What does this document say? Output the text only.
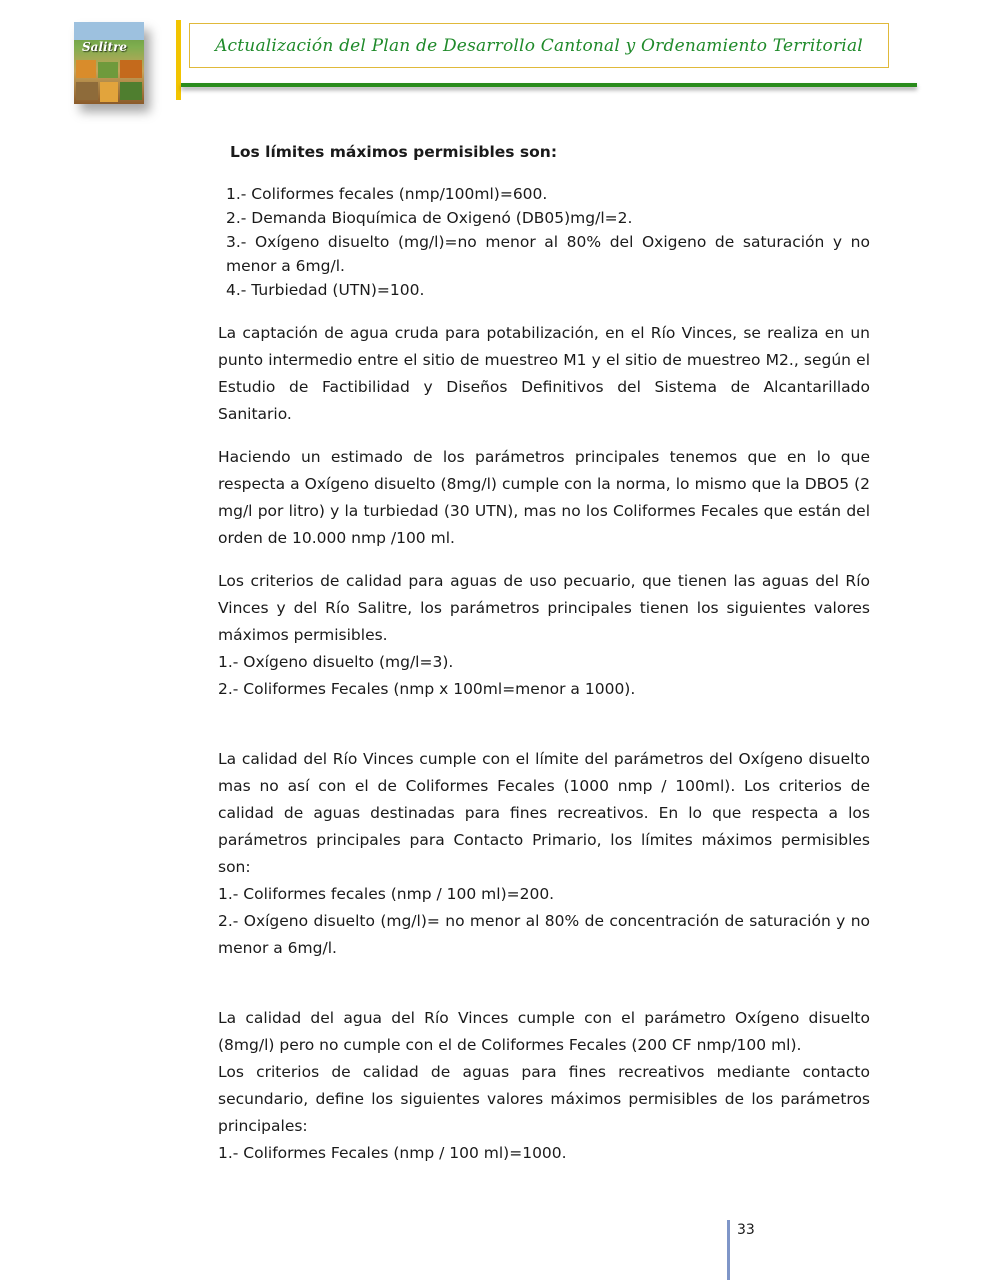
Salitre	Actualización del Plan de Desarrollo Cantonal y Ordenamiento Territorial
Los límites máximos permisibles son:

1.- Coliformes fecales (nmp/100ml)=600.

2.- Demanda Bioquímica de Oxigenó (DB05)mg/l=2.

3.- Oxígeno disuelto (mg/l)=no menor al 80% del Oxigeno de saturación y no menor a 6mg/l.

4.- Turbiedad (UTN)=100.

La captación de agua cruda para potabilización, en el Río Vinces, se realiza en un punto intermedio entre el sitio de muestreo M1 y el sitio de muestreo M2., según el Estudio de Factibilidad y Diseños Definitivos del Sistema de Alcantarillado Sanitario.

Haciendo un estimado de los parámetros principales tenemos que en lo que respecta a Oxígeno disuelto (8mg/l) cumple con la norma, lo mismo que la DBO5 (2 mg/l por litro) y la turbiedad (30 UTN), mas no los Coliformes Fecales que están del orden de 10.000 nmp /100 ml.

Los criterios de calidad para aguas de uso pecuario, que tienen las aguas del Río Vinces y del Río Salitre, los parámetros principales tienen los siguientes valores máximos permisibles.

1.- Oxígeno disuelto (mg/l=3).

2.- Coliformes Fecales (nmp x 100ml=menor a 1000).

La calidad del Río Vinces cumple con el límite del parámetros del Oxígeno disuelto mas no así con el de Coliformes Fecales (1000 nmp / 100ml). Los criterios de calidad de aguas destinadas para fines recreativos. En lo que respecta a los parámetros principales para Contacto Primario, los límites máximos permisibles son:

1.- Coliformes fecales (nmp / 100 ml)=200.

2.- Oxígeno disuelto (mg/l)= no menor al 80% de concentración de saturación y no menor a 6mg/l.

La calidad del agua del Río Vinces cumple con el parámetro Oxígeno disuelto (8mg/l) pero no cumple con el de Coliformes Fecales (200 CF nmp/100 ml).

Los criterios de calidad de aguas para fines recreativos mediante contacto secundario, define los siguientes valores máximos permisibles de los parámetros principales:

1.- Coliformes Fecales (nmp / 100 ml)=1000.

33
